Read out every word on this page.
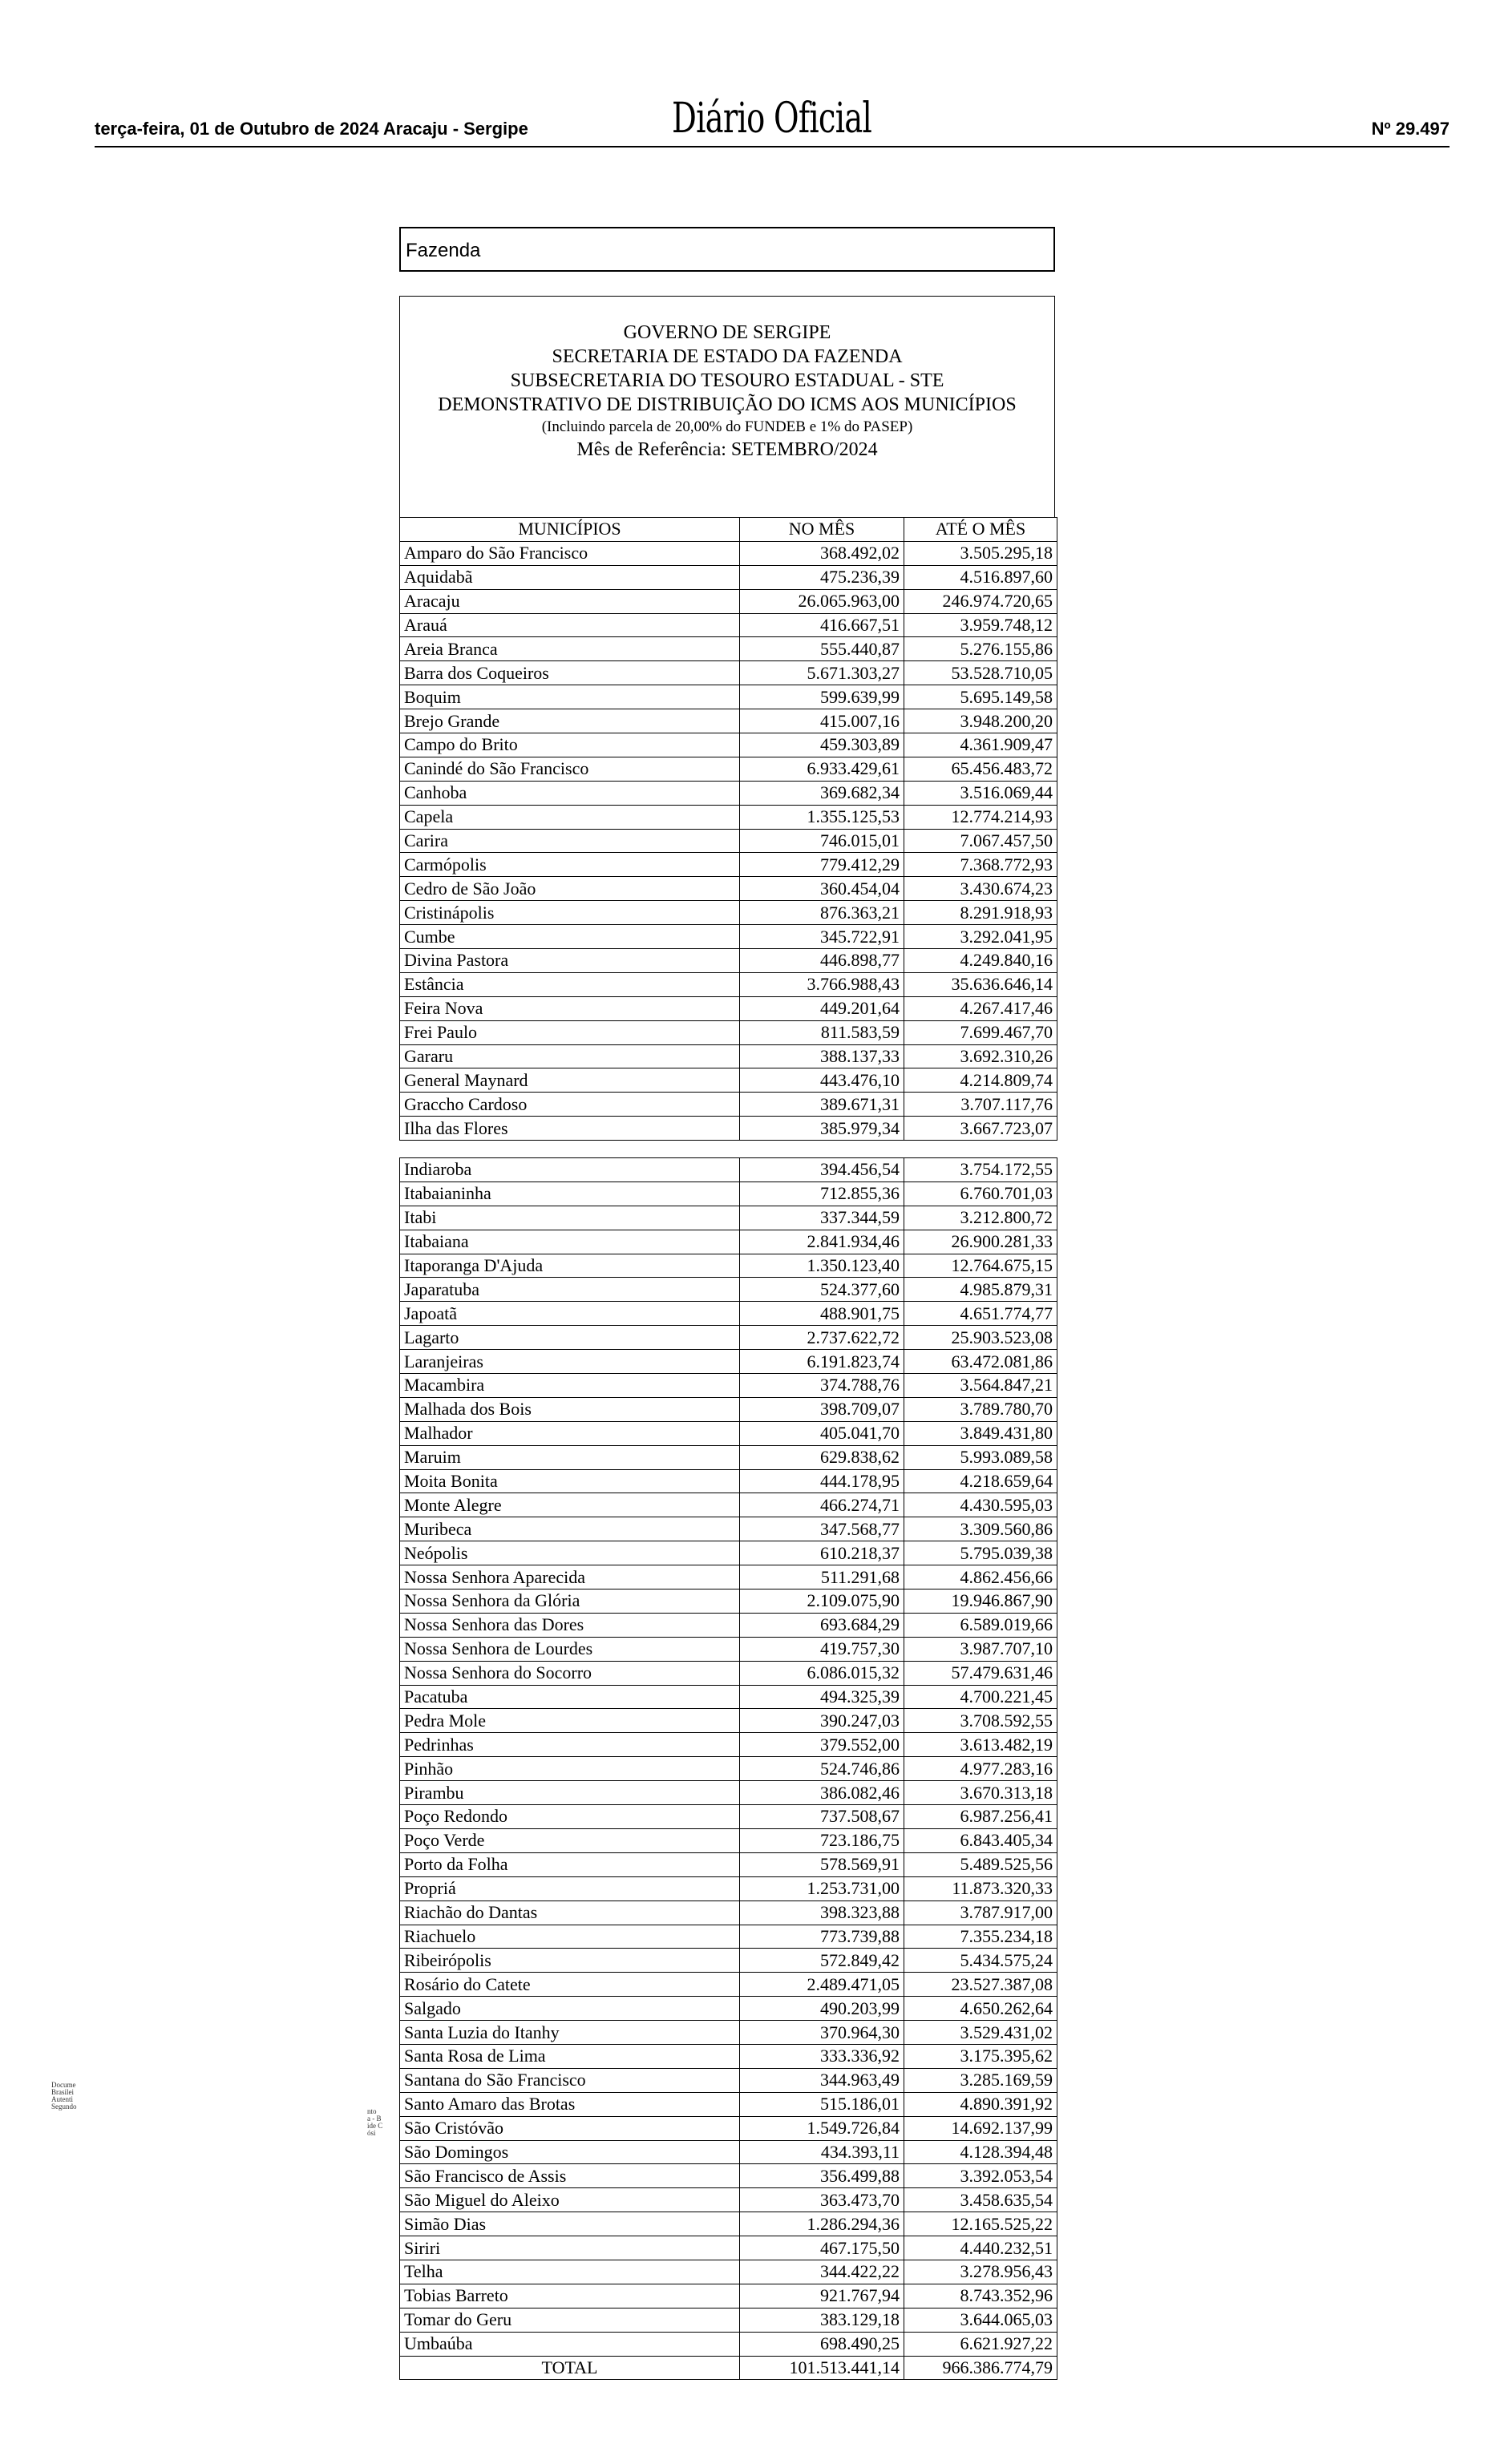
terça-feira, 01 de Outubro de 2024 Aracaju - Sergipe	Diário Oficial	Nº 29.497
Fazenda
GOVERNO DE SERGIPE
SECRETARIA DE ESTADO DA FAZENDA
SUBSECRETARIA DO TESOURO ESTADUAL - STE
DEMONSTRATIVO DE DISTRIBUIÇÃO DO ICMS AOS MUNICÍPIOS
(Incluindo parcela de 20,00% do FUNDEB e 1% do PASEP)
Mês de Referência: SETEMBRO/2024
MUNICÍPIOS	NO MÊS	ATÉ O MÊS
Amparo do São Francisco	368.492,02	3.505.295,18
Aquidabã	475.236,39	4.516.897,60
Aracaju	26.065.963,00	246.974.720,65
Arauá	416.667,51	3.959.748,12
Areia Branca	555.440,87	5.276.155,86
Barra dos Coqueiros	5.671.303,27	53.528.710,05
Boquim	599.639,99	5.695.149,58
Brejo Grande	415.007,16	3.948.200,20
Campo do Brito	459.303,89	4.361.909,47
Canindé do São Francisco	6.933.429,61	65.456.483,72
Canhoba	369.682,34	3.516.069,44
Capela	1.355.125,53	12.774.214,93
Carira	746.015,01	7.067.457,50
Carmópolis	779.412,29	7.368.772,93
Cedro de São João	360.454,04	3.430.674,23
Cristinápolis	876.363,21	8.291.918,93
Cumbe	345.722,91	3.292.041,95
Divina Pastora	446.898,77	4.249.840,16
Estância	3.766.988,43	35.636.646,14
Feira Nova	449.201,64	4.267.417,46
Frei Paulo	811.583,59	7.699.467,70
Gararu	388.137,33	3.692.310,26
General Maynard	443.476,10	4.214.809,74
Graccho Cardoso	389.671,31	3.707.117,76
Ilha das Flores	385.979,34	3.667.723,07
Indiaroba	394.456,54	3.754.172,55
Itabaianinha	712.855,36	6.760.701,03
Itabi	337.344,59	3.212.800,72
Itabaiana	2.841.934,46	26.900.281,33
Itaporanga D'Ajuda	1.350.123,40	12.764.675,15
Japaratuba	524.377,60	4.985.879,31
Japoatã	488.901,75	4.651.774,77
Lagarto	2.737.622,72	25.903.523,08
Laranjeiras	6.191.823,74	63.472.081,86
Macambira	374.788,76	3.564.847,21
Malhada dos Bois	398.709,07	3.789.780,70
Malhador	405.041,70	3.849.431,80
Maruim	629.838,62	5.993.089,58
Moita Bonita	444.178,95	4.218.659,64
Monte Alegre	466.274,71	4.430.595,03
Muribeca	347.568,77	3.309.560,86
Neópolis	610.218,37	5.795.039,38
Nossa Senhora Aparecida	511.291,68	4.862.456,66
Nossa Senhora da Glória	2.109.075,90	19.946.867,90
Nossa Senhora das Dores	693.684,29	6.589.019,66
Nossa Senhora de Lourdes	419.757,30	3.987.707,10
Nossa Senhora do Socorro	6.086.015,32	57.479.631,46
Pacatuba	494.325,39	4.700.221,45
Pedra Mole	390.247,03	3.708.592,55
Pedrinhas	379.552,00	3.613.482,19
Pinhão	524.746,86	4.977.283,16
Pirambu	386.082,46	3.670.313,18
Poço Redondo	737.508,67	6.987.256,41
Poço Verde	723.186,75	6.843.405,34
Porto da Folha	578.569,91	5.489.525,56
Propriá	1.253.731,00	11.873.320,33
Riachão do Dantas	398.323,88	3.787.917,00
Riachuelo	773.739,88	7.355.234,18
Ribeirópolis	572.849,42	5.434.575,24
Rosário do Catete	2.489.471,05	23.527.387,08
Salgado	490.203,99	4.650.262,64
Santa Luzia do Itanhy	370.964,30	3.529.431,02
Santa Rosa de Lima	333.336,92	3.175.395,62
Santana do São Francisco	344.963,49	3.285.169,59
Santo Amaro das Brotas	515.186,01	4.890.391,92
São Cristóvão	1.549.726,84	14.692.137,99
São Domingos	434.393,11	4.128.394,48
São Francisco de Assis	356.499,88	3.392.053,54
São Miguel do Aleixo	363.473,70	3.458.635,54
Simão Dias	1.286.294,36	12.165.525,22
Siriri	467.175,50	4.440.232,51
Telha	344.422,22	3.278.956,43
Tobias Barreto	921.767,94	8.743.352,96
Tomar do Geru	383.129,18	3.644.065,03
Umbaúba	698.490,25	6.621.927,22
TOTAL	101.513.441,14	966.386.774,79
Docume
Brasilei
Autenti
Segundo
nto
a - B
ide C
ósi
